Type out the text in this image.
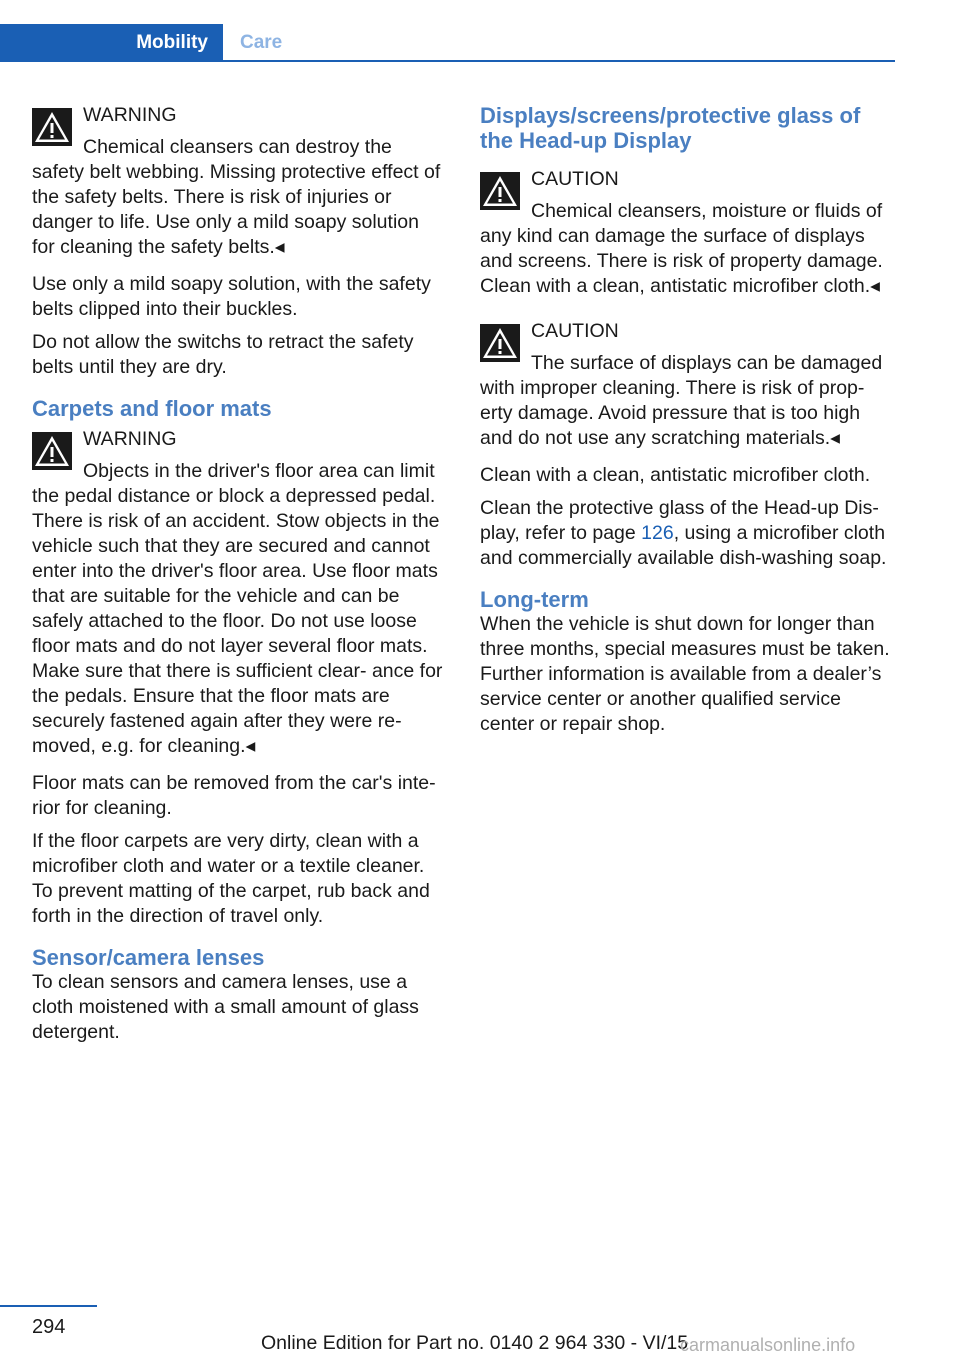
Mobility	Care
WARNING
Chemical cleansers can destroy the
safety belt webbing. Missing protective effect of the safety belts. There is risk of injuries or danger to life. Use only a mild soapy solution for cleaning the safety belts.◂

Use only a mild soapy solution, with the safety belts clipped into their buckles.

Do not allow the switchs to retract the safety belts until they are dry.

Carpets and floor mats
WARNING
Objects in the driver's floor area can limit
the pedal distance or block a depressed pedal. There is risk of an accident. Stow objects in the vehicle such that they are secured and cannot enter into the driver's floor area. Use floor mats that are suitable for the vehicle and can be safely attached to the floor. Do not use loose floor mats and do not layer several floor mats. Make sure that there is sufficient clear‐ ance for the pedals. Ensure that the floor mats are securely fastened again after they were re‐ moved, e.g. for cleaning.◂

Floor mats can be removed from the car's inte‐ rior for cleaning.

If the floor carpets are very dirty, clean with a microfiber cloth and water or a textile cleaner. To prevent matting of the carpet, rub back and forth in the direction of travel only.

Sensor/camera lenses

To clean sensors and camera lenses, use a cloth moistened with a small amount of glass detergent.

Displays/screens/protective glass of the Head-up Display
CAUTION
Chemical cleansers, moisture or fluids of
any kind can damage the surface of displays and screens. There is risk of property damage. Clean with a clean, antistatic microfiber cloth.◂
CAUTION
The surface of displays can be damaged
with improper cleaning. There is risk of prop‐ erty damage. Avoid pressure that is too high and do not use any scratching materials.◂

Clean with a clean, antistatic microfiber cloth.

Clean the protective glass of the Head-up Dis‐ play, refer to page 126, using a microfiber cloth and commercially available dish-washing soap.

Long-term

When the vehicle is shut down for longer than three months, special measures must be taken. Further information is available from a dealer’s service center or another qualified service center or repair shop.

294
Online Edition for Part no. 0140 2 964 330 - VI/15
carmanualsonline.info
